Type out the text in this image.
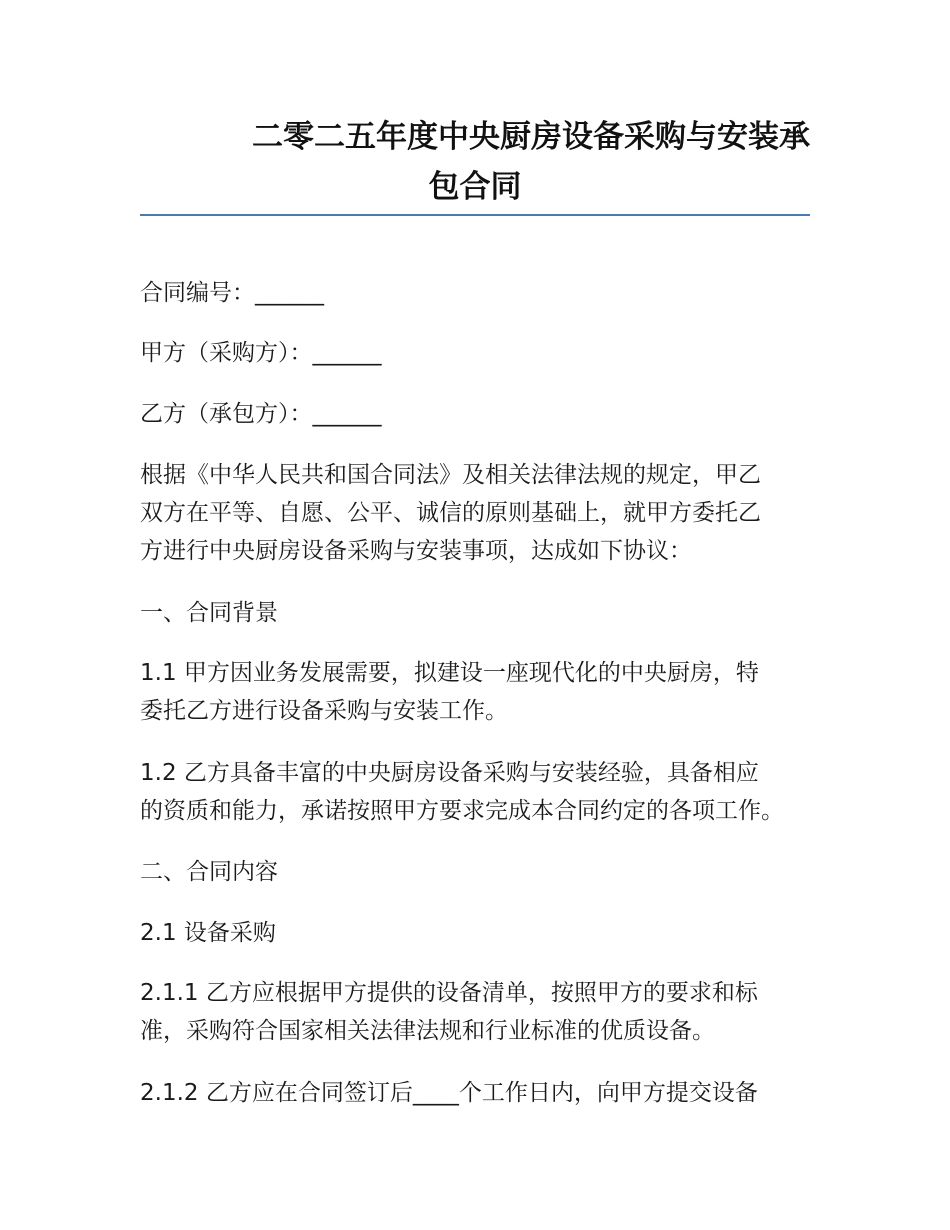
二零二五年度中央厨房设备采购与安装承
包合同

合同编号：______

甲方（采购方）：______

乙方（承包方）：______

根据《中华人民共和国合同法》及相关法律法规的规定，甲乙
双方在平等、自愿、公平、诚信的原则基础上，就甲方委托乙
方进行中央厨房设备采购与安装事项，达成如下协议：

一、合同背景

1.1 甲方因业务发展需要，拟建设一座现代化的中央厨房，特
委托乙方进行设备采购与安装工作。

1.2 乙方具备丰富的中央厨房设备采购与安装经验，具备相应
的资质和能力，承诺按照甲方要求完成本合同约定的各项工作。

二、合同内容

2.1 设备采购

2.1.1 乙方应根据甲方提供的设备清单，按照甲方的要求和标
准，采购符合国家相关法律法规和行业标准的优质设备。

2.1.2 乙方应在合同签订后____个工作日内，向甲方提交设备
